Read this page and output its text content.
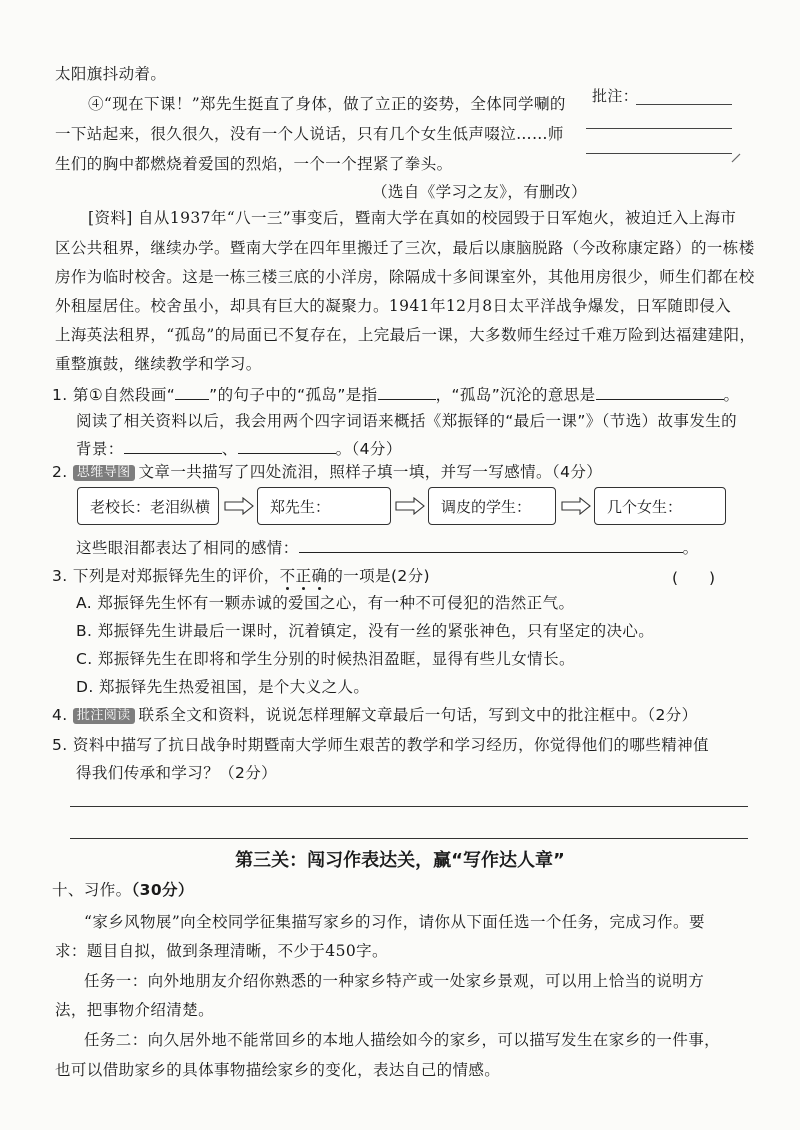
太阳旗抖动着。
④“现在下课！”郑先生挺直了身体，做了立正的姿势，全体同学唰的
一下站起来，很久很久，没有一个人说话，只有几个女生低声啜泣……师
生们的胸中都燃烧着爱国的烈焰，一个一个捏紧了拳头。
（选自《学习之友》，有删改）
批注：
[资料] 自从1937年“八一三”事变后，暨南大学在真如的校园毁于日军炮火，被迫迁入上海市
区公共租界，继续办学。暨南大学在四年里搬迁了三次，最后以康脑脱路（今改称康定路）的一栋楼
房作为临时校舍。这是一栋三楼三底的小洋房，除隔成十多间课室外，其他用房很少，师生们都在校
外租屋居住。校舍虽小，却具有巨大的凝聚力。1941年12月8日太平洋战争爆发，日军随即侵入
上海英法租界，“孤岛”的局面已不复存在，上完最后一课，大多数师生经过千难万险到达福建建阳，
重整旗鼓，继续教学和学习。
1. 第①自然段画“ ”的句子中的“孤岛”是指	，“孤岛”沉沦的意思是	。
阅读了相关资料以后，我会用两个四字词语来概括《郑振铎的“最后一课”》（节选）故事发生的
背景：	、	。（4分）
2. 思维导图 文章一共描写了四处流泪，照样子填一填，并写一写感情。（4分）
老校长：老泪纵横	郑先生：	调皮的学生：	几个女生：
这些眼泪都表达了相同的感情：	。
3. 下列是对郑振铎先生的评价，不正确的一项是(2分)	(　　)
A. 郑振铎先生怀有一颗赤诚的爱国之心，有一种不可侵犯的浩然正气。
B. 郑振铎先生讲最后一课时，沉着镇定，没有一丝的紧张神色，只有坚定的决心。
C. 郑振铎先生在即将和学生分别的时候热泪盈眶，显得有些儿女情长。
D. 郑振铎先生热爱祖国，是个大义之人。
4. 批注阅读 联系全文和资料，说说怎样理解文章最后一句话，写到文中的批注框中。（2分）
5. 资料中描写了抗日战争时期暨南大学师生艰苦的教学和学习经历，你觉得他们的哪些精神值
得我们传承和学习？（2分）
第三关：闯习作表达关，赢“写作达人章”
十、习作。（30分）
“家乡风物展”向全校同学征集描写家乡的习作，请你从下面任选一个任务，完成习作。要
求：题目自拟，做到条理清晰，不少于450字。
任务一：向外地朋友介绍你熟悉的一种家乡特产或一处家乡景观，可以用上恰当的说明方
法，把事物介绍清楚。
任务二：向久居外地不能常回乡的本地人描绘如今的家乡，可以描写发生在家乡的一件事，
也可以借助家乡的具体事物描绘家乡的变化，表达自己的情感。
